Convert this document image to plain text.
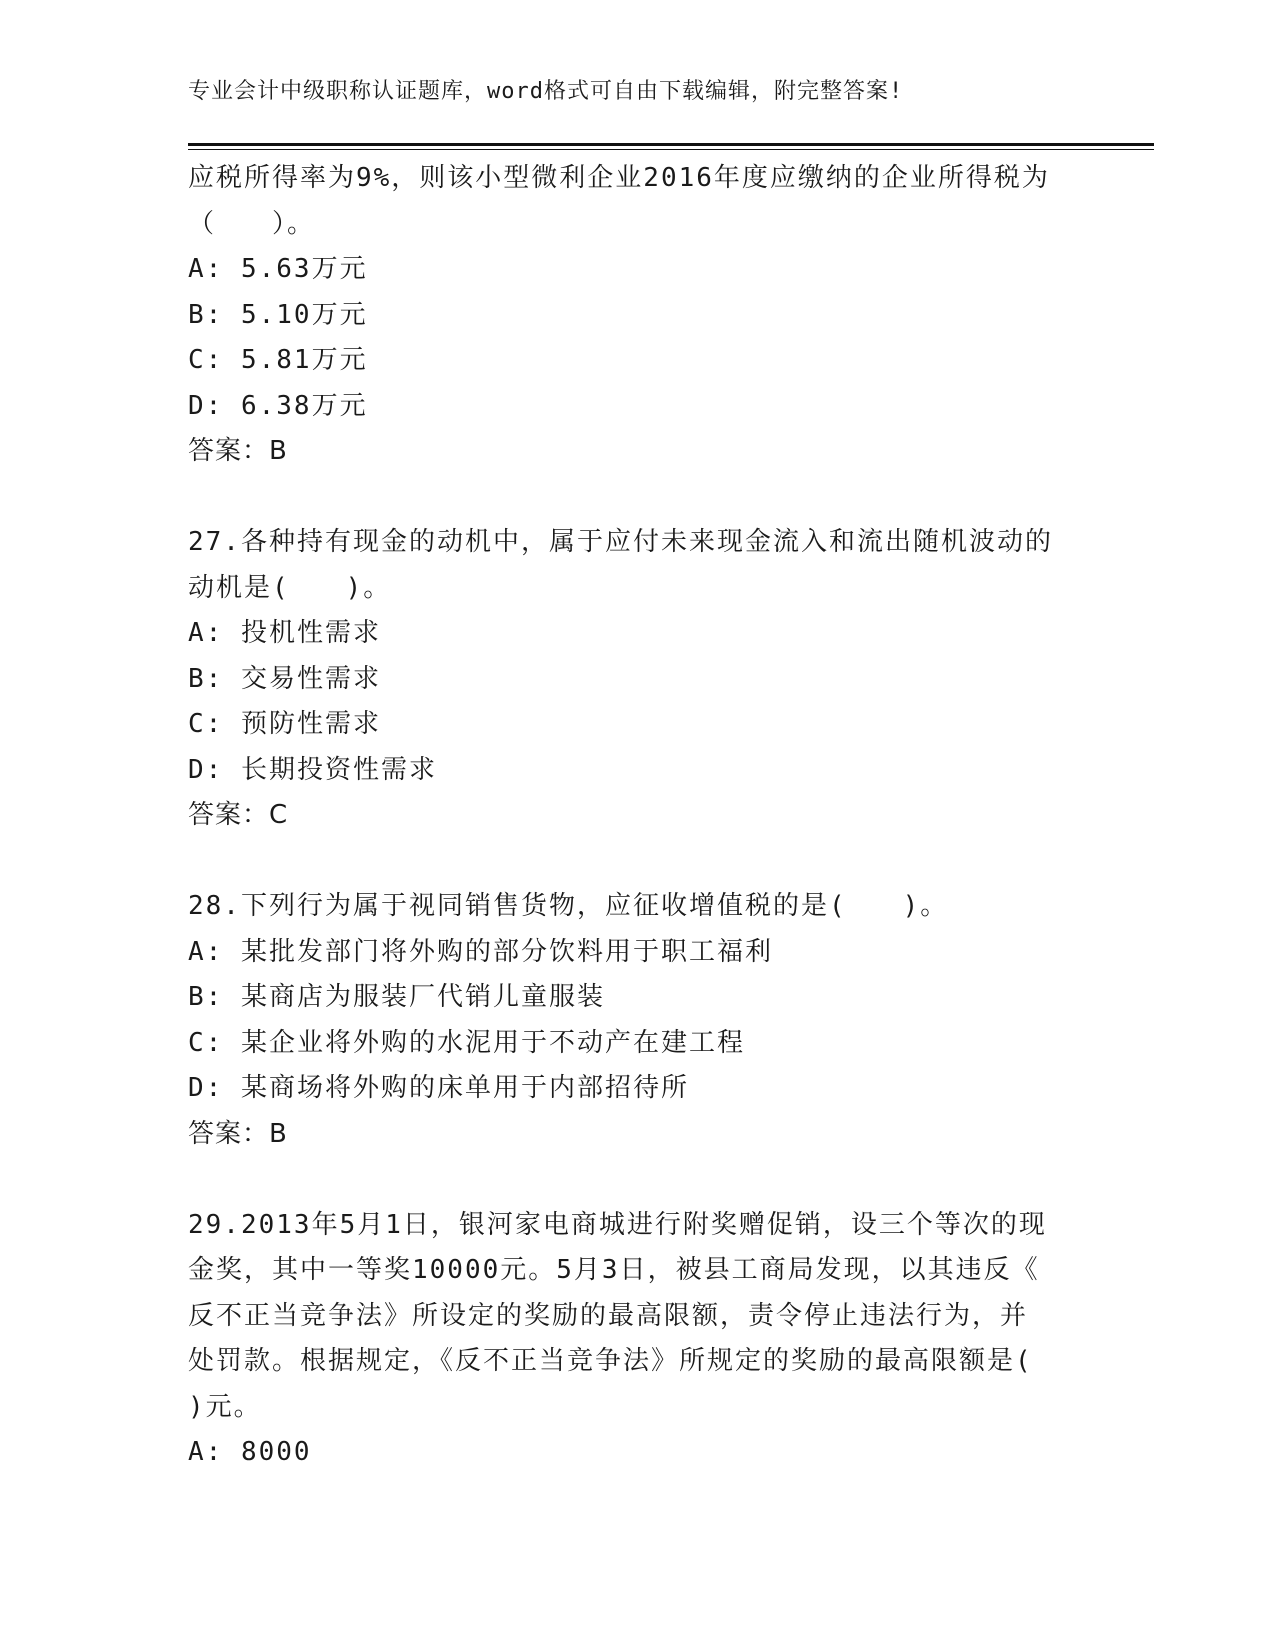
专业会计中级职称认证题库，word格式可自由下载编辑，附完整答案!
应税所得率为9%，则该小型微利企业2016年度应缴纳的企业所得税为
（　　）。
A: 5.63万元
B: 5.10万元
C: 5.81万元
D: 6.38万元
答案：B
27.各种持有现金的动机中，属于应付未来现金流入和流出随机波动的
动机是(　　)。
A: 投机性需求
B: 交易性需求
C: 预防性需求
D: 长期投资性需求
答案：C
28.下列行为属于视同销售货物，应征收增值税的是(　　)。
A: 某批发部门将外购的部分饮料用于职工福利
B: 某商店为服装厂代销儿童服装
C: 某企业将外购的水泥用于不动产在建工程
D: 某商场将外购的床单用于内部招待所
答案：B
29.2013年5月1日，银河家电商城进行附奖赠促销，设三个等次的现
金奖，其中一等奖10000元。5月3日，被县工商局发现，以其违反《
反不正当竞争法》所设定的奖励的最高限额，责令停止违法行为，并
处罚款。根据规定，《反不正当竞争法》所规定的奖励的最高限额是(
)元。
A: 8000
